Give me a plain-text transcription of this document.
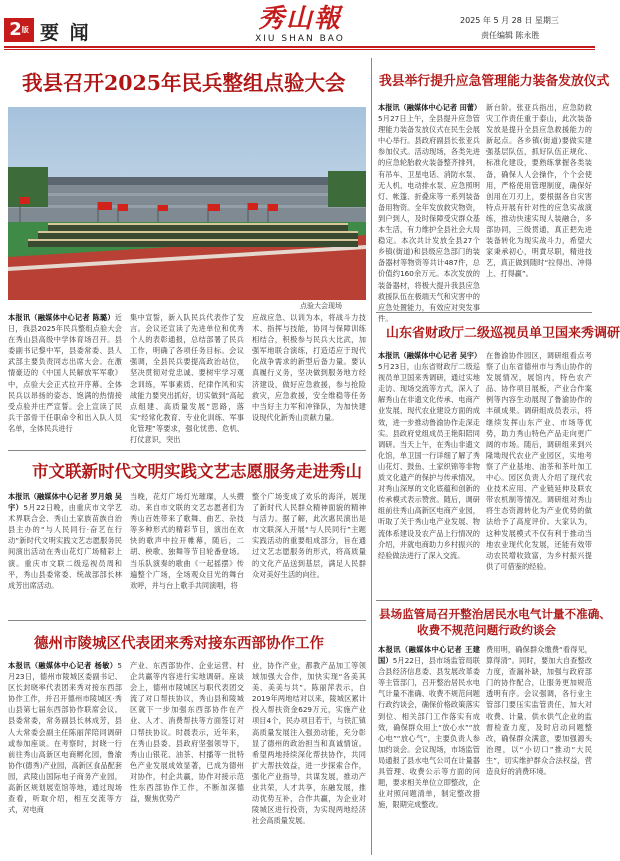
$2^版$ 要 闻	秀山報
XIU SHAN BAO
2025 年 5 月 28 日 星期三
责任编辑 陈永胜
我县召开2025年民兵整组点验大会
点验大会现场
本报讯（融媒体中心记者 陈璐）近日，我县2025年民兵整组点验大会在秀山县高级中学体育场召开。县委副书记黎中军，县委常委、县人武部主要负责同志出席大会。在激情豪迈的《中国人民解放军军歌》中，点验大会正式拉开序幕。全体民兵以昂扬的姿态、饱满的热情接受点验并庄严宣誓。会上宣读了民兵干部骨干任职命令和出入队人员名单，全体民兵进行
集中宣誓，新入队民兵代表作了发言。会议还宣读了先进单位和优秀个人的表彰通报，总结部署了民兵工作，明确了各项任务目标。会议强调，全县民兵要提高政治站位，坚决贯彻对党忠诚、要树牢学习观念训练，军事素质、纪律作风和实战能力要突出抓好，切实做到“高起点组建、高质量发展”思路，落实“经常化教育、专业化训练、军事化管理”等要求，强化忧患、危机、打仗意识，突出
应战应急、以训为本，将战斗力技术、指挥与技能，协同与保障训练相结合，积极参与民兵大比武，加强军地联合演练，打造适应于现代化战争需求的新型后备力量。要认真履行义务，坚决做到服务地方经济建设，做好应急救援，参与抢险救灾，应急救援，安全维稳等任务中当好主力军和冲锋队，为加快建设现代化新秀山贡献力量。
市文联新时代文明实践文艺志愿服务走进秀山
本报讯（融媒体中心记者 罗月娥 吴宇）5月22日晚，由重庆市文学艺术界联合会、秀山土家族苗族自治县主办的“与人民同行·奋艺在行动”新时代文明实践文艺志愿服务民间演出活动在秀山花灯广场精彩上演。重庆市文联二级巡视员周和平，秀山县委常委、统战部部长林成芳出席活动。
当晚，花灯广场灯光璀璨，人头攒动。来自市文联的文艺志愿者们为秀山百姓带来了歌舞、曲艺、杂技等多种形式的精彩节目，演出在欢快的歌声中拉开帷幕，随后，二胡、秧歌、独舞等节目轮番登场。当乐队演奏的歌曲《一起摇摆》传遍整个广场，全场观众目光的舞台欢呼，并与台上歌手共同演唱，将
整个广场变成了欢乐的海洋，展现了新时代人民群众精神面貌的精神与活力。据了解，此次惠民演出是市文联深入开展“与人民同行”主题实践活动的重要组成部分，旨在通过文艺志愿服务的形式，将高质量的文化产品送到基层，满足人民群众对美好生活的向往。
德州市陵城区代表团来秀对接东西部协作工作
本报讯（融媒体中心记者 杨敏）5月23日，德州市陵城区委副书记、区长封晓率代表团来秀对接东西部协作工作，并召开德州市陵城区·秀山县第七届东西部协作联席会议。县委常委，常务副县长林成芳，县人大常委会副主任陈丽萍陪同调研或参加座谈。在考察时，封晓一行前往秀山高新区电商孵化园，鲁渝协作(德秀)产业园，高新区食品配套园，武陵山国际电子商务产业园，高新区规划展览馆等地，通过现场查看，听取介绍，相互交流等方式，对电商
产业、东西部协作、企业运营、村企共赢等内容进行实地调研。座谈会上，德州市陵城区与职代表团交流了对口帮扶协议，秀山县和陵城区就下一步加强东西部协作在产业、人才、消费帮扶等方面签订对口帮扶协议。时晨表示，近年来，在秀山县委、县政府坚强领导下，秀山山银花、油茶、村播等一批特色产业发展成效显著，已成为德州对协作，村企共赢，协作对接示范性东西部协作工作，不断加深德益，聚焦优势产
业，协作产业，都教产品加工等领域加强大合作，加快实现“各美其美、美美与共”。陈丽萍表示，自2019年两地结对以来，陵城区累计投入帮扶资金629万元，实施产业项目4个，民办项目若干，与铁汇镇高质量发展注入强劲动能，充分彰显了德州的政治担当和真诚情谊。希望两地持续深化帮扶协作，共同扩大帮扶效益，进一步探索合作，强化产业指导，共谋发展，推动产业共荣，人才共享，东融发展，推动优势互补，合作共赢，为企业对陵城区进行投资，为实现两地经济社会高质量发展。
我县举行提升应急管理能力装备发放仪式
本报讯（融媒体中心记者 田蕾）5月27日上午，全县提升应急管理能力装备发放仪式在民生会展中心举行。县政府副县长张亚兵参加仪式。活动现场，各类先进的应急轮胎救火装备整齐排列，有吊车、卫星电话、消防水泵、无人机、电动排水泵、应急照明灯、帐篷、折叠床等一系列装备备用物资。全年发放救灾物资，到户到人，及时保障受灾群众基本生活，有力维护全县社会大局稳定。本次共计发放全县27个乡镇(街道)和县级应急部门的装备器材等物资等共计487件，总价值约160余万元。本次发放的装备器材，将极大提升我县应急救援队伍在极端天气和灾害中的应急处置能力，有效应对突发事件。
新台阶。张亚兵指出，应急防救灾工作责任重于泰山，此次装备发放是提升全县应急救援能力的新起点。各乡镇(街道)要做实建强基层队伍，抓好队伍正规化、标准化建设，要熟练掌握各类装备，确保人人会操作，个个会使用，严格使用管理制度，确保好创用在刀刃上，要根据各自灾害特点开展有针对性的应急实战演练，推动快速实现人装融合，多部协同，三级贯通，真正把先进装备转化为现实战斗力，希望大家秉承初心，明責尽职，精进技艺，真正做到随时“拉得出、冲得上、打得赢”。
山东省财政厅二级巡视员单卫国来秀调研
本报讯（融媒体中心记者 吴宇）5月23日，山东省财政厅二级巡视员单卫国来秀调研，通过实地走访、现场交流等方式，深入了解秀山在非遗文化传承、电商产业发展、现代农业建设方面的成效，进一步推动鲁渝协作走深走实。县政府党组成员王艳阳陪同调研。当天上午，在秀山非遗文化馆，单卫国一行详细了解了秀山花灯、鼓鱼、土家织锦等非物质文化遗产的保护与传承情况，对秀山深厚的文化底蕴和创新的传承模式表示赞赏。随后，调研组前往秀山高新区电商产业园，听取了关于秀山电产业发展、物流体系建设及农产品上行情况的介绍，并就电商助力乡村振兴的经验做法进行了深入交流。
在鲁渝协作园区，调研组看点考察了山东省德州市与秀山协作的发展情况，展馆内，特色农产品、协作项目展板，产业合作案例等内容生动展现了鲁渝协作的丰硕成果。调研组成员表示，将继续发挥山东产业、市场等优势，助力秀山特色产品走向更广阔的市场。随后，调研组来到兴隆坳现代农业产业园区，实地考察了产业基地、油茶和茶叶加工中心。园区负责人介绍了现代农业技术应用、产业链延伸及联农带农机制等情况。调研组对秀山将生态资源转化为产业优势的做法给予了高度评价。大家认为，这种发展模式不仅有利于推动当地农业现代化发展，还能有效带动农民增收致富，为乡村振兴提供了可借鉴的经验。
县场监管局召开整治居民水电气计量不准确、
收费不规范问题行政约谈会
本报讯（融媒体中心记者 王建国）5月22日，县市场监管局联合县经济信息委、县发展改革委等主管部门，召开整治居民水电气计量不准确、收费不规范问题行政约谈会，确保价格政策落实到位、相关部门工作落实有成效，确保群众用上“放心水”“放心电”“放心气”，主要负责人参加约谈会。会议现场，市场监管局通报了县水电气公司在计量器具管理、收费公示等方面的问题，要求相关单位立即整改，企业对照问题清单，制定整改措施，限期完成整改。
费用明，确保群众缴费“看得见，算得清”。同时，要加大自查整改力度，查漏补缺，加强与政府部门的协作配合，让服务更加规范透明有序。会议强调，各行业主管部门要压实监管责任，加大对收费、计量、供水供气企业的监督检查力度，及时启动问题整改，确保群众满意，要加强源头治理，以“小切口”推动“大民生”，切实维护群众合法权益，营造良好的消费环境。
